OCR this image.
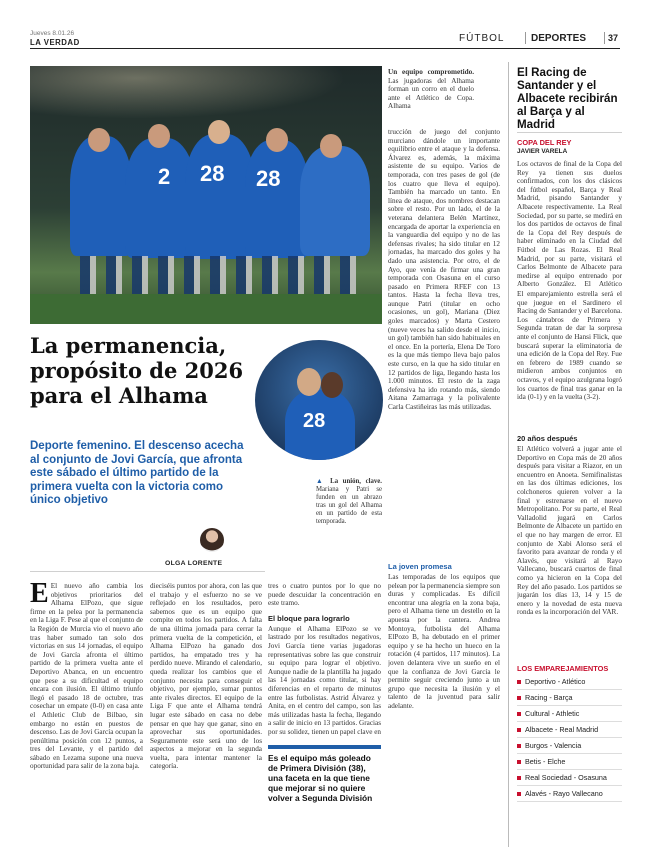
Jueves 8.01.26
LA VERDAD	FÚTBOL	DEPORTES 37
2 28 28
Un equipo comprometido. Las jugadoras del Alhama forman un corro en el duelo ante el Atlético de Copa. Alhama
La permanencia, propósito de 2026 para el Alhama
Deporte femenino. El descenso acecha al conjunto de Jovi García, que afronta este sábado el último partido de la primera vuelta con la victoria como único objetivo
OLGA LORENTE
28
▲ La unión, clave. Mariana y Patri se funden en un abrazo tras un gol del Alhama en un partido de esta temporada.
E El nuevo año cambia los objetivos prioritarios del Alhama ElPozo, que sigue firme en la pelea por la permanencia en la Liga F. Pese al que el conjunto de la Región de Murcia vio el nuevo año tras haber sumado tan solo dos victorias en sus 14 jornadas, el equipo de Jovi García afronta el último partido de la primera vuelta ante el Deportivo Abanca, en un encuentro que pese a su dificultad el equipo encara con ilusión. El último triunfo llegó el pasado 18 de octubre, tras cosechar un empate (0-0) en casa ante el Athletic Club de Bilbao, sin embargo no están en puestos de descenso. Las de Jovi García ocupan la penúltima posición con 12 puntos, a tres del Levante, y el partido del sábado en Lezama supone una nueva oportunidad para salir de la zona baja.
dieciséis puntos por ahora, con las que el trabajo y el esfuerzo no se ve reflejado en los resultados, pero sabemos que es un equipo que compite en todos los partidos. A falta de una última jornada para cerrar la primera vuelta de la competición, el Alhama ElPozo ha ganado dos partidos, ha empatado tres y ha perdido nueve. Mirando el calendario, queda realizar los cambios que el conjunto necesita para conseguir el objetivo, por ejemplo, sumar puntos ante rivales directos. El equipo de la Liga F que ante el Alhama tendrá lugar este sábado en casa no debe pensar en que hay que ganar, sino en aprovechar sus oportunidades. Seguramente este será uno de los aspectos a mejorar en la segunda vuelta, para intentar mantener la categoría.
tres o cuatro puntos por lo que no puede descuidar la concentración en este tramo.
El bloque para lograrlo
Aunque el Alhama ElPozo se ve lastrado por los resultados negativos, Jovi García tiene varias jugadoras representativas sobre las que construir su equipo para lograr el objetivo. Aunque nadie de la plantilla ha jugado las 14 jornadas como titular, si hay diferencias en el reparto de minutos entre las futbolistas. Astrid Álvarez y Anita, en el centro del campo, son las más utilizadas hasta la fecha, llegando a salir de inicio en 13 partidos. Gracias por su solidez, tienen un papel clave en
Es el equipo más goleado de Primera División (38), una faceta en la que tiene que mejorar si no quiere volver a Segunda División
trucción de juego del conjunto murciano dándole un importante equilibrio entre el ataque y la defensa. Álvarez es, además, la máxima asistente de su equipo. Varios de temporada, con tres pases de gol (de los cuatro que lleva el equipo). También ha marcado un tanto. En línea de ataque, dos nombres destacan sobre el resto. Por un lado, el de la veterana delantera Belén Martínez, encargada de aportar la experiencia en la vanguardia del equipo y no de las defensas rivales; ha sido titular en 12 jornadas, ha marcado dos goles y ha dado una asistencia. Por otro, el de Ayo, que venía de firmar una gran temporada con Osasuna en el curso pasado en Primera RFEF con 13 tantos. Hasta la fecha lleva tres, aunque Patri (titular en ocho ocasiones, un gol), Mariana (Diez goles marcados) y Marta Cestero (nueve veces ha salido desde el inicio, un gol) también han sido habituales en el once. En la portería, Elena De Toro es la que más tiempo lleva bajo palos este curso, en la que ha sido titular en 12 partidos de liga, llegando hasta los 1.000 minutos. El resto de la zaga defensiva ha ido rotando más, siendo Aitana Zamarraga y la polivalente Carla Castiñeiras las más utilizadas.
La joven promesa
Las temporadas de los equipos que pelean por la permanencia siempre son duras y complicadas. Es difícil encontrar una alegría en la zona baja, pero el Alhama tiene un destello en la apuesta por la cantera. Andrea Montoya, futbolista del Alhama ElPozo B, ha debutado en el primer equipo y se ha hecho un hueco en la rotación (4 partidos, 117 minutos). La joven delantera vive un sueño en el que la confianza de Jovi García le permite seguir creciendo junto a un grupo que necesita la ilusión y el talento de la juventud para salir adelante.
El Racing de Santander y el Albacete recibirán al Barça y al Madrid
COPA DEL REY
JAVIER VARELA
Los octavos de final de la Copa del Rey ya tienen sus duelos confirmados, con los dos clásicos del fútbol español, Barça y Real Madrid, pisando Santander y Albacete respectivamente. La Real Sociedad, por su parte, se medirá en los dos partidos de octavos de final de la Copa del Rey después de haber eliminado en la Ciudad del Fútbol de Las Rozas. El Real Madrid, por su parte, visitará el Carlos Belmonte de Albacete para medirse al equipo entrenado por Alberto González. El Atlético
El emparejamiento estrella será el que juegue en el Sardinero el Racing de Santander y el Barcelona. Los cántabros de Primera y Segunda tratan de dar la sorpresa ante el conjunto de Hansi Flick, que buscará superar la eliminatoria de una edición de la Copa del Rey. Fue en febrero de 1989 cuando se midieron ambos conjuntos en octavos, y el equipo azulgrana logró los cuartos de final tras ganar en la ida (0-1) y en la vuelta (3-2).
20 años después
El Atlético volverá a jugar ante el Deportivo en Copa más de 20 años después para visitar a Riazor, en un encuentro en Anoeta. Semifinalistas en las dos últimas ediciones, los colchoneros quieren volver a la final y estrenarse en el nuevo Metropolitano. Por su parte, el Real Valladolid jugará en Carlos Belmonte de Albacete un partido en el que no hay margen de error. El conjunto de Xabi Alonso será el favorito para avanzar de ronda y el Alavés, que visitará al Rayo Vallecano, buscará cuartos de final como ya hicieron en la Copa del Rey del año pasado. Los partidos se jugarán los días 13, 14 y 15 de enero y la novedad de esta nueva ronda es la incorporación del VAR.
LOS EMPAREJAMIENTOS
Deportivo - Atlético
Racing - Barça
Cultural - Athletic
Albacete - Real Madrid
Burgos - Valencia
Betis - Elche
Real Sociedad - Osasuna
Alavés - Rayo Vallecano
